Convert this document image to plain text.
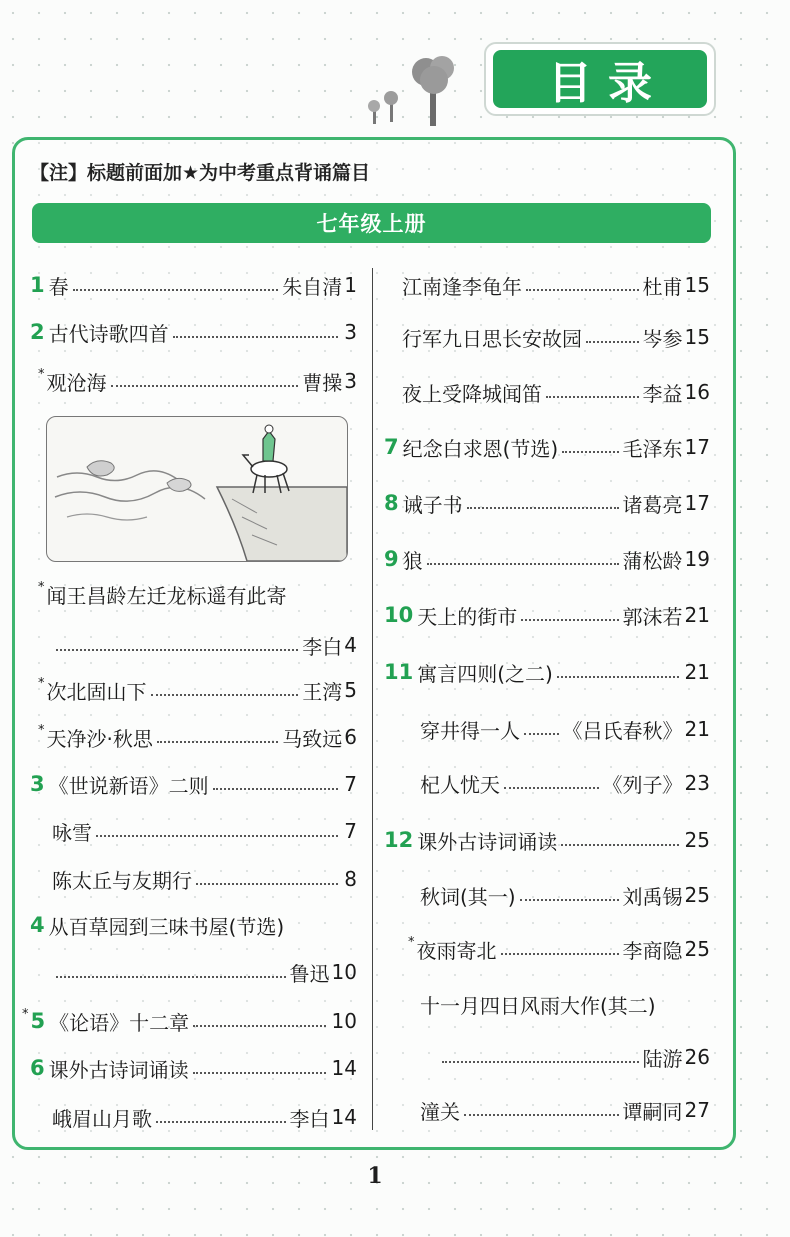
目录
【注】标题前面加★为中考重点背诵篇目
七年级上册
1 春	朱自清 1
2 古代诗歌四首	3
* 观沧海	曹操 3
* 闻王昌龄左迁龙标遥有此寄
李白 4
* 次北固山下	王湾 5
* 天净沙·秋思	马致远 6
3 《世说新语》二则	7
咏雪	7
陈太丘与友期行	8
4 从百草园到三味书屋(节选)
鲁迅 10
* 5 《论语》十二章	10
6 课外古诗词诵读	14
峨眉山月歌	李白 14
江南逢李龟年	杜甫 15
行军九日思长安故园	岑参 15
夜上受降城闻笛	李益 16
7 纪念白求恩(节选)	毛泽东 17
8 诫子书	诸葛亮 17
9 狼	蒲松龄 19
10 天上的街市	郭沫若 21
11 寓言四则(之二)	21
穿井得一人 《吕氏春秋》 21
杞人忧天	《列子》 23
12 课外古诗词诵读	25
秋词(其一)	刘禹锡 25
* 夜雨寄北	李商隐 25
十一月四日风雨大作(其二)
陆游 26
潼关	谭嗣同 27
1
